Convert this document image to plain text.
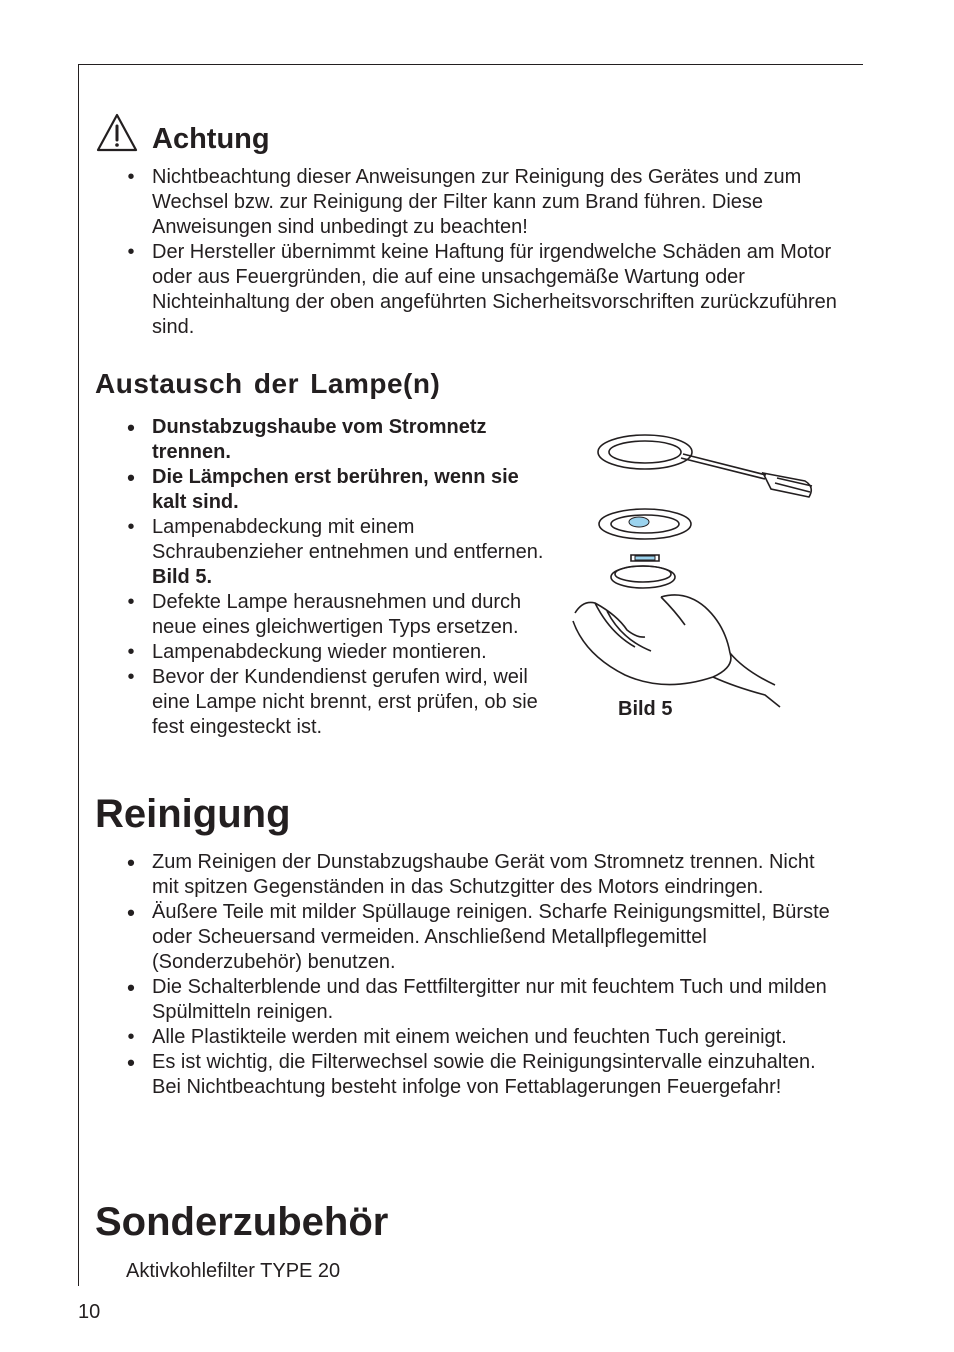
Achtung
• Nichtbeachtung dieser Anweisungen zur Reinigung des Gerätes und zum Wechsel bzw. zur Reinigung der Filter kann zum Brand führen. Diese Anweisungen sind unbedingt zu beachten!
• Der Hersteller übernimmt keine Haftung für irgendwelche Schäden am Motor oder aus Feuergründen, die auf eine unsachgemäße Wartung oder Nichteinhaltung der oben angeführten Sicherheitsvorschriften zurückzuführen sind.
Austausch der Lampe(n)
• Dunstabzugshaube vom Stromnetz trennen.
• Die Lämpchen erst berühren, wenn sie kalt sind.
• Lampenabdeckung mit einem Schraubenzieher entnehmen und entfernen. Bild 5.
• Defekte Lampe herausnehmen und durch neue eines gleichwertigen Typs ersetzen.
• Lampenabdeckung wieder montieren.
• Bevor der Kundendienst gerufen wird, weil eine Lampe nicht brennt, erst prüfen, ob sie fest eingesteckt ist.
Bild 5
Reinigung
• Zum Reinigen der Dunstabzugshaube Gerät vom Stromnetz trennen. Nicht mit spitzen Gegenständen in das Schutzgitter des Motors eindringen.
• Äußere Teile mit milder Spüllauge reinigen. Scharfe Reinigungsmittel, Bürste oder Scheuersand vermeiden. Anschließend Metallpflegemittel (Sonderzubehör) benutzen.
• Die Schalterblende und das Fettfiltergitter nur mit feuchtem Tuch und milden Spülmitteln reinigen.
• Alle Plastikteile werden mit einem weichen und feuchten Tuch gereinigt.
• Es ist wichtig, die Filterwechsel sowie die Reinigungsintervalle einzuhalten. Bei Nichtbeachtung besteht infolge von Fettablagerungen Feuergefahr!
Sonderzubehör
Aktivkohlefilter TYPE 20
10
